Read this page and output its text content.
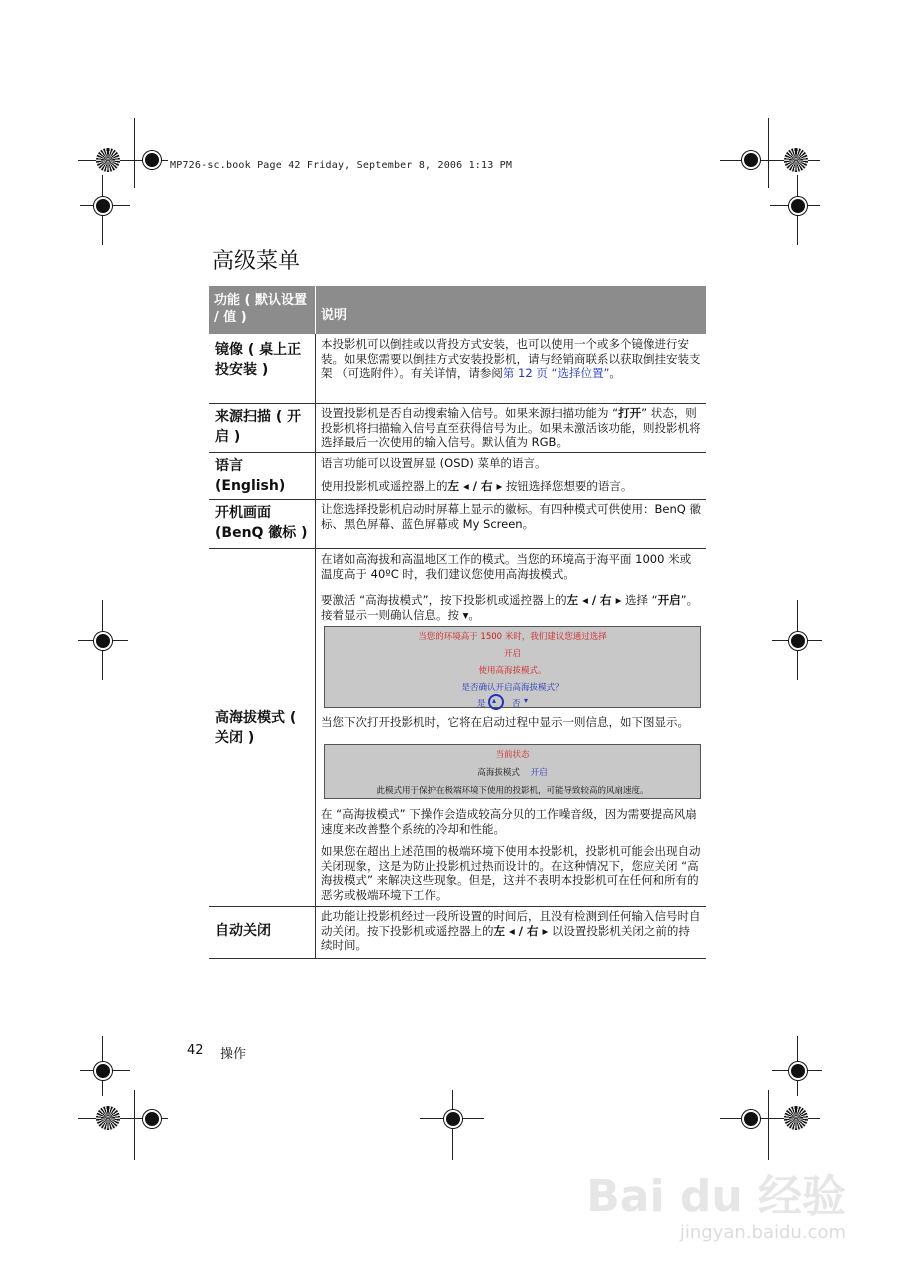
MP726-sc.book Page 42 Friday, September 8, 2006 1:13 PM
高级菜单
功能 ( 默认设置 / 值 )	说明
镜像 ( 桌上正投安装 )
本投影机可以倒挂或以背投方式安装，也可以使用一个或多个镜像进行安装。如果您需要以倒挂方式安装投影机，请与经销商联系以获取倒挂安装支架 （可选附件）。有关详情，请参阅第 12 页 “选择位置”。
来源扫描 ( 开启 )
设置投影机是否自动搜索输入信号。如果来源扫描功能为 “打开” 状态，则投影机将扫描输入信号直至获得信号为止。如果未激活该功能，则投影机将选择最后一次使用的输入信号。默认值为 RGB。
语言 (English)
语言功能可以设置屏显 (OSD) 菜单的语言。
使用投影机或遥控器上的左 ◂ / 右 ▸ 按钮选择您想要的语言。
开机画面 (BenQ 徽标 )
让您选择投影机启动时屏幕上显示的徽标。有四种模式可供使用：BenQ 徽标、黑色屏幕、蓝色屏幕或 My Screen。
高海拔模式 ( 关闭 )
在诸如高海拔和高温地区工作的模式。当您的环境高于海平面 1000 米或温度高于 40ºC 时，我们建议您使用高海拔模式。
要激活 “高海拔模式”，按下投影机或遥控器上的左 ◂ / 右 ▸ 选择 “开启”。接着显示一则确认信息。按 ▾。
当您的环境高于 1500 米时，我们建议您通过选择
开启
使用高海拔模式。
是否确认开启高海拔模式？
是 ▴ 否 ▾
当您下次打开投影机时，它将在启动过程中显示一则信息，如下图显示。
当前状态
高海拔模式 开启
此模式用于保护在极端环境下使用的投影机，可能导致较高的风扇速度。
在 “高海拔模式” 下操作会造成较高分贝的工作噪音级，因为需要提高风扇速度来改善整个系统的冷却和性能。
如果您在超出上述范围的极端环境下使用本投影机，投影机可能会出现自动关闭现象，这是为防止投影机过热而设计的。在这种情况下，您应关闭 “高海拔模式” 来解决这些现象。但是，这并不表明本投影机可在任何和所有的恶劣或极端环境下工作。
自动关闭
此功能让投影机经过一段所设置的时间后，且没有检测到任何输入信号时自动关闭。按下投影机或遥控器上的左 ◂ / 右 ▸ 以设置投影机关闭之前的持续时间。
42 操作
Bai du 经验
jingyan.baidu.com
